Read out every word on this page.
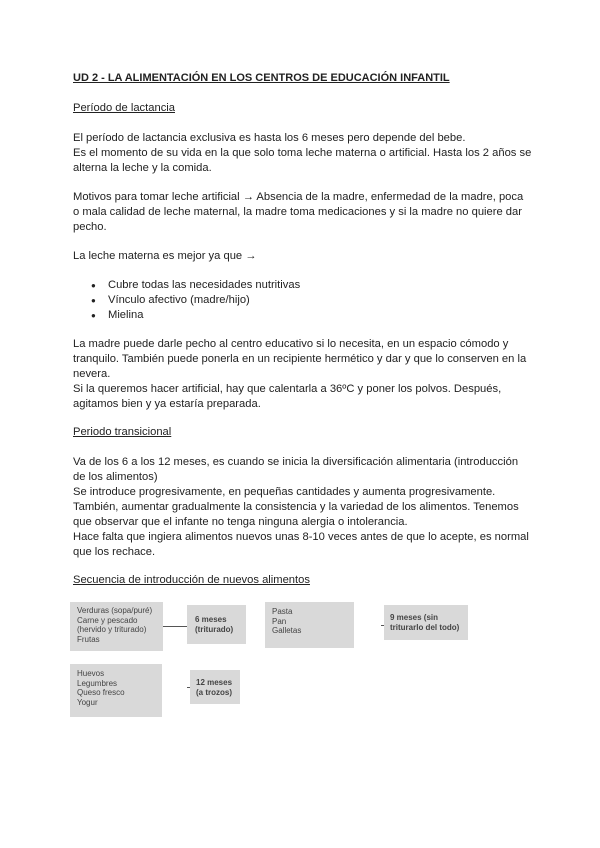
UD 2 - LA ALIMENTACIÓN EN LOS CENTROS DE EDUCACIÓN INFANTIL
Período de lactancia
El período de lactancia exclusiva es hasta los 6 meses pero depende del bebe.
Es el momento de su vida en la que solo toma leche materna o artificial. Hasta los 2 años se
alterna la leche y la comida.
Motivos para tomar leche artificial → Absencia de la madre, enfermedad de la madre, poca
o mala calidad de leche maternal, la madre toma medicaciones y si la madre no quiere dar
pecho.
La leche materna es mejor ya que →
● Cubre todas las necesidades nutritivas
● Vínculo afectivo (madre/hijo)
● Mielina
La madre puede darle pecho al centro educativo si lo necesita, en un espacio cómodo y
tranquilo. También puede ponerla en un recipiente hermético y dar y que lo conserven en la
nevera.
Si la queremos hacer artificial, hay que calentarla a 36ºC y poner los polvos. Después,
agitamos bien y ya estaría preparada.
Periodo transicional
Va de los 6 a los 12 meses, es cuando se inicia la diversificación alimentaria (introducción
de los alimentos)
Se introduce progresivamente, en pequeñas cantidades y aumenta progresivamente.
También, aumentar gradualmente la consistencia y la variedad de los alimentos. Tenemos
que observar que el infante no tenga ninguna alergia o intolerancia.
Hace falta que ingiera alimentos nuevos unas 8-10 veces antes de que lo acepte, es normal
que los rechace.
Secuencia de introducción de nuevos alimentos
Verduras (sopa/puré)
Carne y pescado
(hervido y triturado)
Frutas
6 meses
(triturado)
Pasta
Pan
Galletas
9 meses (sin
triturarlo del todo)
Huevos
Legumbres
Queso fresco
Yogur
12 meses
(a trozos)
